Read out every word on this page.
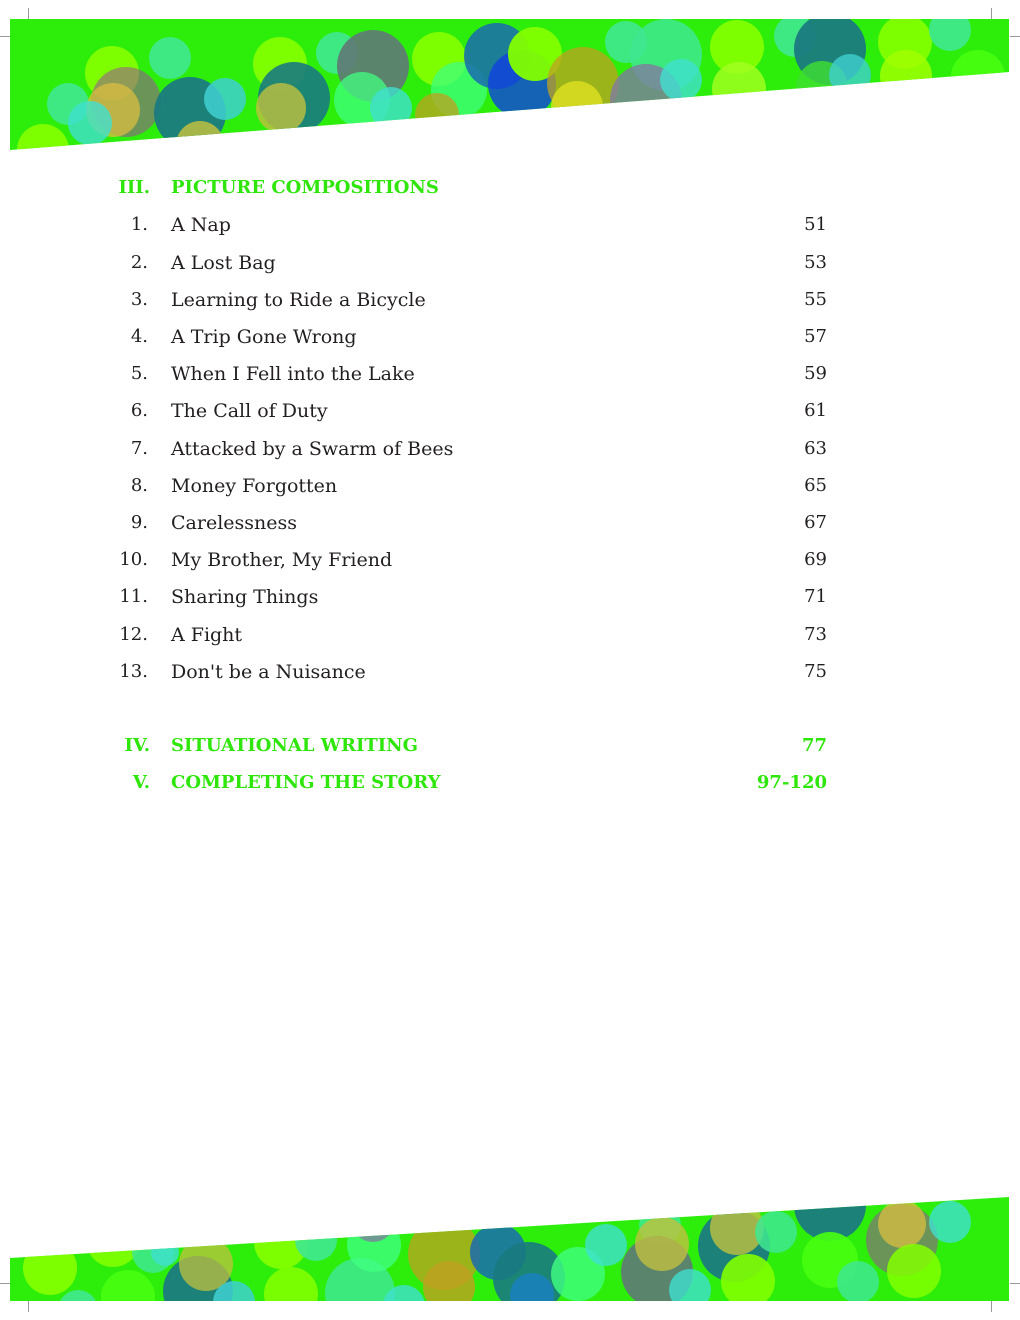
III. PICTURE COMPOSITIONS
1. A Nap	51
2. A Lost Bag	53
3. Learning to Ride a Bicycle	55
4. A Trip Gone Wrong	57
5. When I Fell into the Lake	59
6. The Call of Duty	61
7. Attacked by a Swarm of Bees	63
8. Money Forgotten	65
9. Carelessness	67
10. My Brother, My Friend	69
11. Sharing Things	71
12. A Fight	73
13. Don't be a Nuisance	75
IV. SITUATIONAL WRITING	77
V. COMPLETING THE STORY	97-120
